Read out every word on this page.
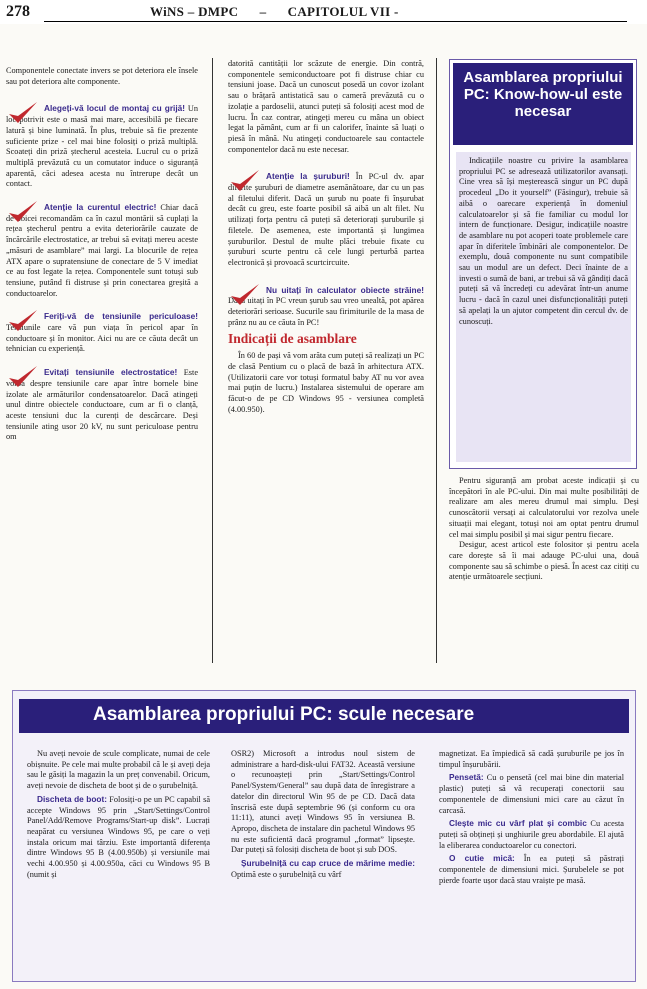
278	WiNS – DMPC      –      CAPITOLUL VII -

Componentele conectate invers se pot deteriora ele însele sau pot deteriora alte componente.

Alegeți-vă locul de montaj cu grijă! Un loc potrivit este o masă mai mare, accesibilă pe fiecare latură și bine luminată. În plus, trebuie să fie prezente suficiente prize - cel mai bine folosiți o priză multiplă. Scoateți din priză ștecherul acesteia. Lucrul cu o priză multiplă prevăzută cu un comutator induce o siguranță aparentă, căci adesea acesta nu întrerupe decât un contact.

Atenție la curentul electric! Chiar dacă de obicei recomandăm ca în cazul montării să cuplați la rețea ștecherul pentru a evita deteriorările cauzate de încărcările electrostatice, ar trebui să evitați mereu aceste „măsuri de asamblare” mai largi. La blocurile de rețea ATX apare o supratensiune de conectare de 5 V imediat ce au fost legate la rețea. Componentele sunt totuși sub tensiune, putând fi distruse și prin conectarea greșită a conductoarelor.

Feriți-vă de tensiunile periculoase! Tensiunile care vă pun viața în pericol apar în conductoare și în monitor. Aici nu are ce căuta decât un tehnician cu experiență.

Evitați tensiunile electrostatice! Este vorba despre tensiunile care apar între bornele bine izolate ale armăturilor condensatoarelor. Dacă atingeți unul dintre obiectele conductoare, cum ar fi o clanță, aceste tensiuni duc la curenți de descărcare. Deși tensiunile ating usor 20 kV, nu sunt periculoase pentru om

datorită cantității lor scăzute de energie. Din contră, componentele semiconductoare pot fi distruse chiar cu tensiuni joase. Dacă un cunoscut posedă un covor izolant sau o brățară antistatică sau o cameră prevăzută cu o izolație a pardoselii, atunci puteți să folosiți acest mod de lucru. În caz contrar, atingeți mereu cu mâna un obiect legat la pământ, cum ar fi un calorifer, înainte să luați o piesă în mână. Nu atingeți conductoarele sau contactele componentelor dacă nu este necesar.

Atenție la șuruburi! În PC-ul dv. apar diferite șuruburi de diametre asemănătoare, dar cu un pas al filetului diferit. Dacă un șurub nu poate fi înșurubat decât cu greu, este foarte posibil să aibă un alt filet. Nu utilizați forța pentru că puteți să deteriorați șuruburile și filetele. De asemenea, este importantă și lungimea șuruburilor. Destul de multe plăci trebuie fixate cu șuruburi scurte pentru că cele lungi perturbă partea electronică și provoacă scurtcircuite.

Nu uitați în calculator obiecte străine! Dacă uitați în PC vreun șurub sau vreo unealtă, pot apărea deteriorări serioase. Sucurile sau firimiturile de la masa de prânz nu au ce căuta în PC!

Indicații de asamblare

În 60 de pași vă vom arăta cum puteți să realizați un PC de clasă Pentium cu o placă de bază în arhitectura ATX. (Utilizatorii care vor totuși formatul baby AT nu vor avea mai puțin de lucru.) Instalarea sistemului de operare am făcut-o de pe CD Windows 95 - versiunea completă (4.00.950).

Asamblarea propriului PC: Know-how-ul este necesar

Indicațiile noastre cu privire la asamblarea propriului PC se adresează utilizatorilor avansați. Cine vrea să își meșterească singur un PC după procedeul „Do it yourself” (Făsingur), trebuie să aibă o oarecare experiență în domeniul calculatoarelor și să fie familiar cu modul lor intern de funcționare. Desigur, indicațiile noastre de asamblare nu pot acoperi toate problemele care apar în diferitele îmbinări ale componentelor. De exemplu, două componente nu sunt compatibile sau un modul are un defect. Deci înainte de a investi o sumă de bani, ar trebui să vă gândiți dacă puteți să vă încredeți cu adevărat într-un anume lucru - dacă în cazul unei disfuncționalități puteți să apelați la un ajutor competent din cercul dv. de cunoscuți.

Pentru siguranță am probat aceste indicații și cu începători în ale PC-ului. Din mai multe posibilități de realizare am ales mereu drumul mai simplu. Deși cunoscătorii versați ai calculatorului vor rezolva unele situații mai elegant, totuși noi am optat pentru drumul cel mai simplu posibil și mai sigur pentru fiecare.

Desigur, acest articol este folositor și pentru acela care dorește să îi mai adauge PC-ului una, două componente sau să schimbe o piesă. În acest caz citiți cu atenție următoarele secțiuni.

Asamblarea propriului PC: scule necesare

Nu aveți nevoie de scule complicate, numai de cele obișnuite. Pe cele mai multe probabil că le și aveți deja sau le găsiți la magazin la un preț convenabil. Oricum, aveți nevoie de discheta de boot și de o șurubelniță.

Discheta de boot: Folosiți-o pe un PC capabil să accepte Windows 95 prin „Start/Settings/Control Panel/Add/Remove Programs/Start-up disk”. Lucrați neapărat cu versiunea Windows 95, pe care o veți instala oricum mai târziu. Este importantă diferența dintre Windows 95 B (4.00.950b) și versiunile mai vechi 4.00.950 și 4.00.950a, căci cu Windows 95 B (numit și

OSR2) Microsoft a introdus noul sistem de administrare a hard-disk-ului FAT32. Această versiune o recunoașteți prin „Start/Settings/Control Panel/System/General” sau după data de înregistrare a datelor din directorul Win 95 de pe CD. Dacă data înscrisă este după septembrie 96 (și conform cu ora 11:11), atunci aveți Windows 95 în versiunea B. Apropo, discheta de instalare din pachetul Windows 95 nu este suficientă dacă programul „format” lipsește. Dar puteți să folosiți discheta de boot și sub DOS.

Șurubelniță cu cap cruce de mărime medie: Optimă este o șurubelniță cu vârf

magnetizat. Ea împiedică să cadă șuruburile pe jos în timpul înșurubării.

Pensetă: Cu o pensetă (cel mai bine din material plastic) puteți să vă recuperați conectorii sau componentele de dimensiuni mici care au căzut în carcasă.

Clește mic cu vârf plat și combic Cu acesta puteți să obțineți și unghiurile greu abordabile. El ajută la eliberarea conductoarelor cu conectori.

O cutie mică: În ea puteți să păstrați componentele de dimensiuni mici. Șurubelele se pot pierde foarte ușor dacă stau vraiște pe masă.
